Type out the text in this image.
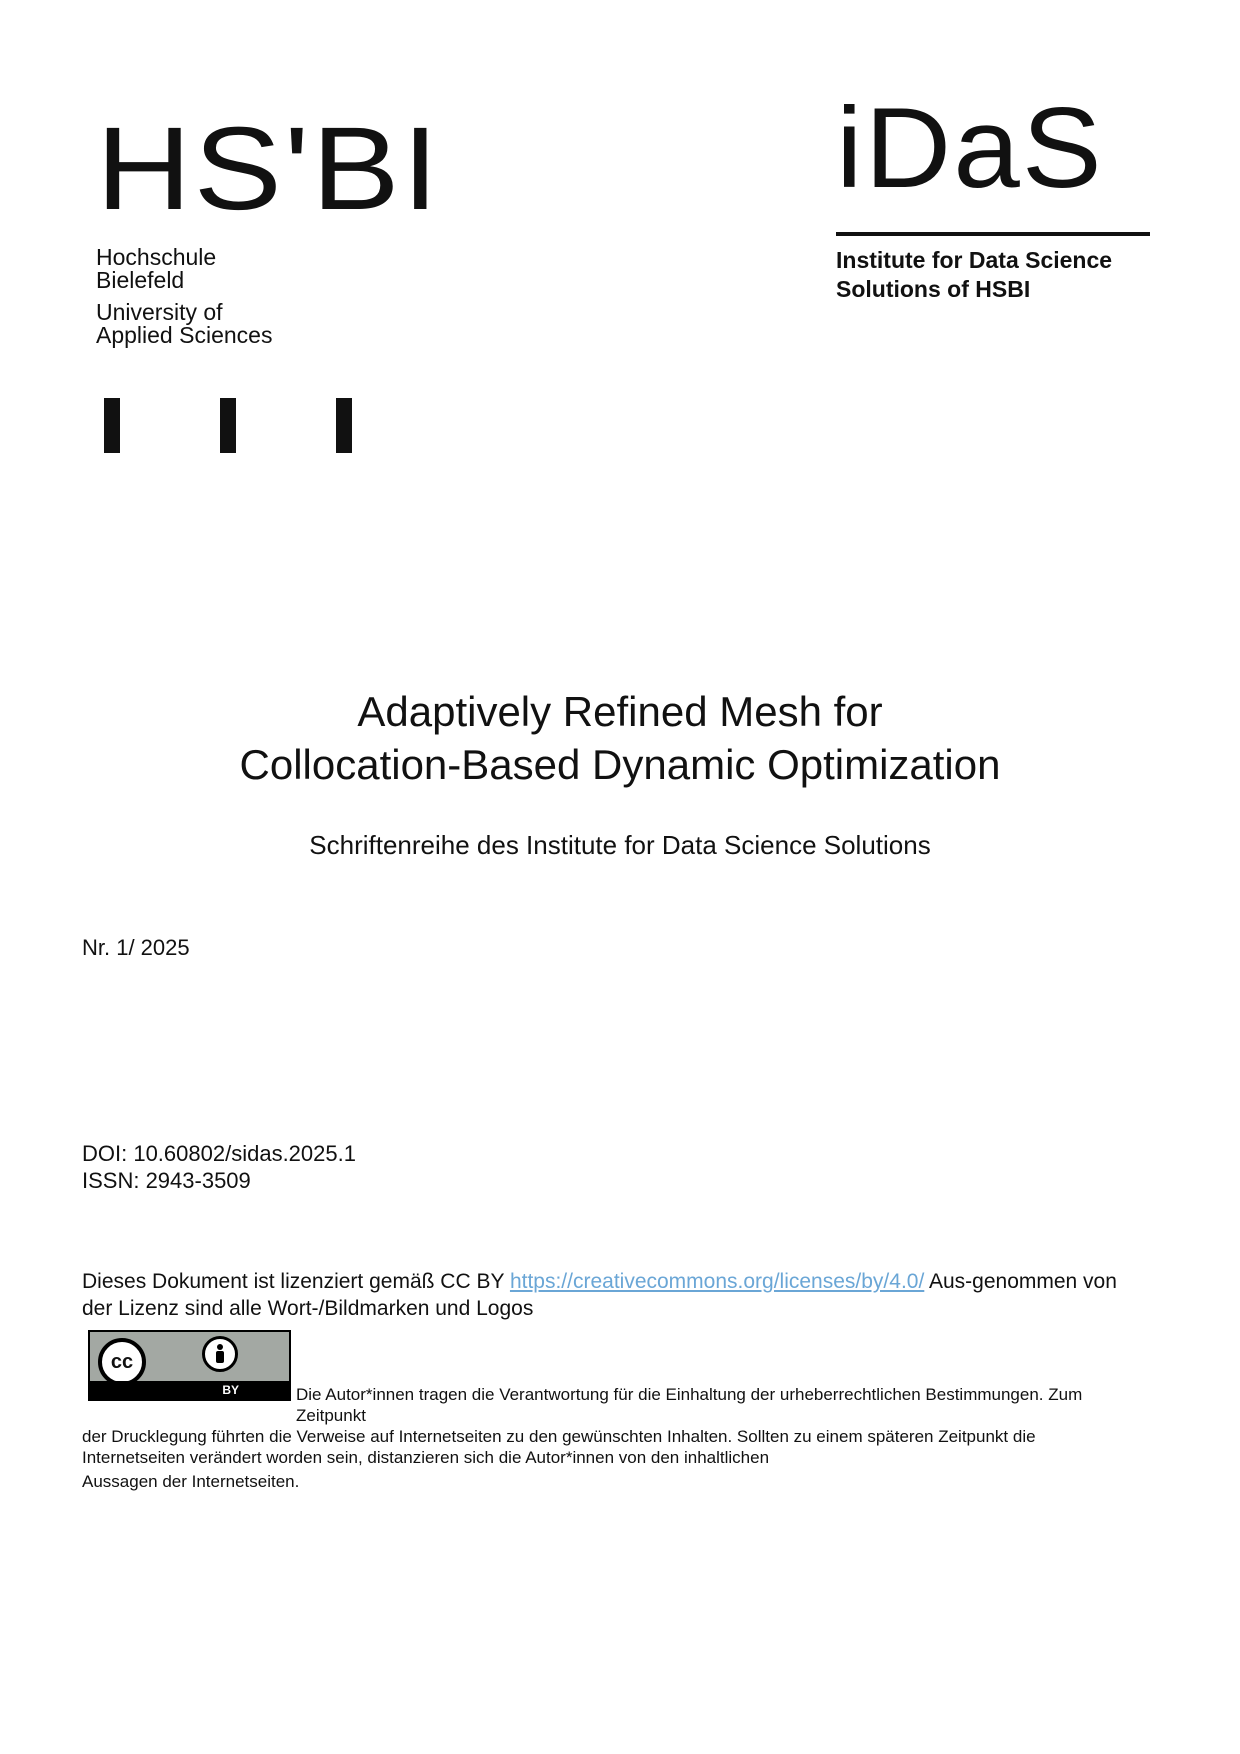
HS'BI
Hochschule
Bielefeld
University of
Applied Sciences
iDaS
Institute for Data Science
Solutions of HSBI
Adaptively Refined Mesh for
Collocation-Based Dynamic Optimization
Schriftenreihe des Institute for Data Science Solutions
Nr. 1/ 2025
DOI: 10.60802/sidas.2025.1
ISSN: 2943-3509
Dieses Dokument ist lizenziert gemäß CC BY https://creativecommons.org/licenses/by/4.0/ Aus-genommen von der Lizenz sind alle Wort-/Bildmarken und Logos
cc
BY	Die Autor*innen tragen die Verantwortung für die Einhaltung der urheberrechtlichen Bestimmungen. Zum Zeitpunkt
der Drucklegung führten die Verweise auf Internetseiten zu den gewünschten Inhalten. Sollten zu einem späteren Zeitpunkt die Internetseiten verändert worden sein, distanzieren sich die Autor*innen von den inhaltlichen
Aussagen der Internetseiten.
